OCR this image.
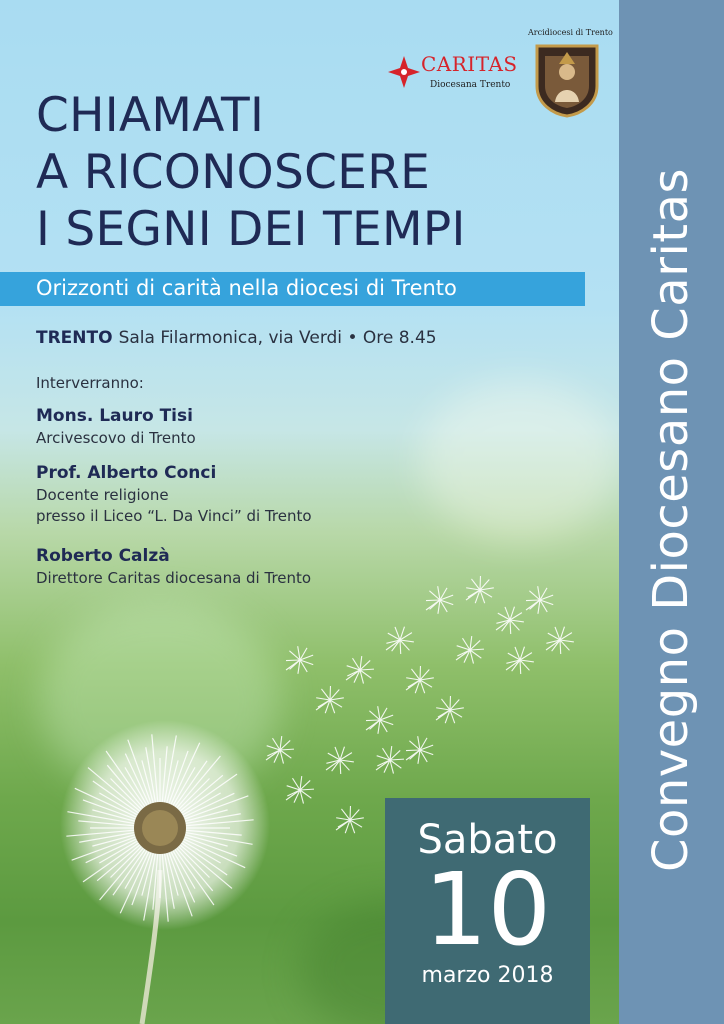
Convegno Diocesano Caritas
CARITAS
Diocesana Trento
Arcidiocesi di Trento
CHIAMATI
A RICONOSCERE
I SEGNI DEI TEMPI
Orizzonti di carità nella diocesi di Trento
TRENTO Sala Filarmonica, via Verdi • Ore 8.45
Interverranno:
Mons. Lauro Tisi
Arcivescovo di Trento
Prof. Alberto Conci
Docente religione
presso il Liceo “L. Da Vinci” di Trento
Roberto Calzà
Direttore Caritas diocesana di Trento
Sabato
10
marzo 2018
